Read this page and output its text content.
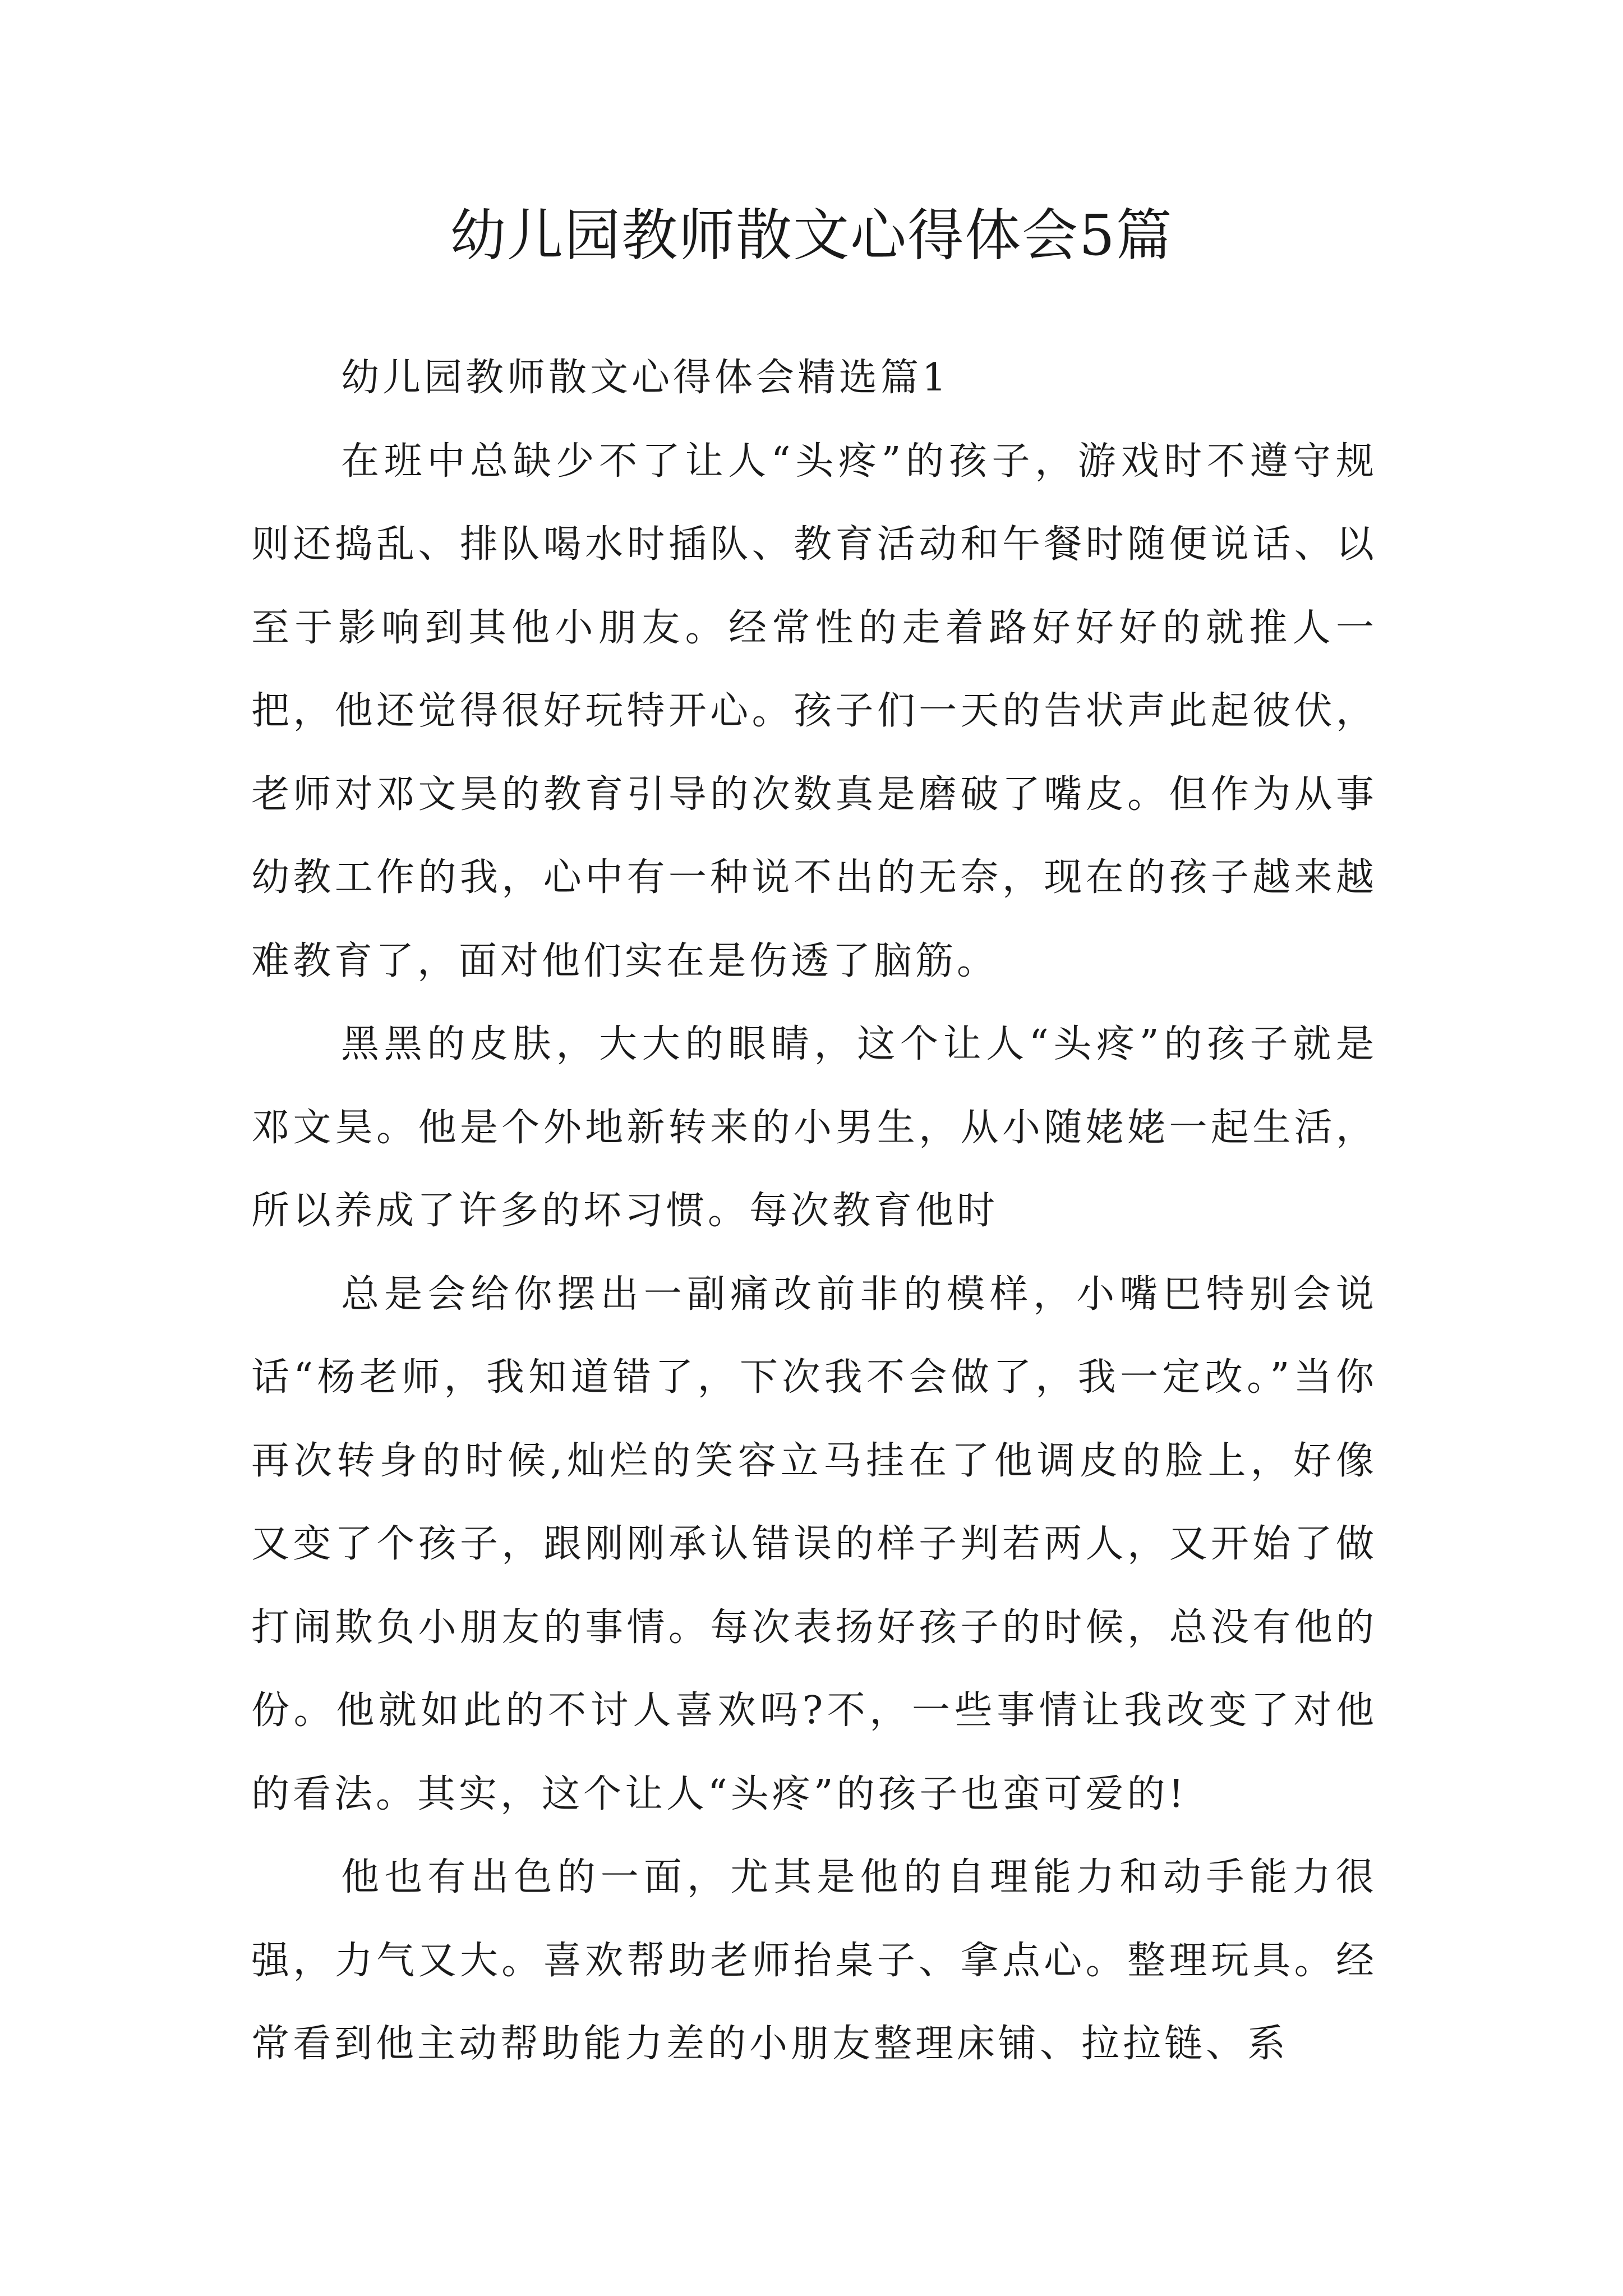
幼儿园教师散文心得体会5篇

幼儿园教师散文心得体会精选篇1

在班中总缺少不了让人“头疼”的孩子，游戏时不遵守规则还捣乱、排队喝水时插队、教育活动和午餐时随便说话、以至于影响到其他小朋友。经常性的走着路好好好的就推人一把，他还觉得很好玩特开心。孩子们一天的告状声此起彼伏，老师对邓文昊的教育引导的次数真是磨破了嘴皮。但作为从事幼教工作的我，心中有一种说不出的无奈，现在的孩子越来越难教育了，面对他们实在是伤透了脑筋。

黑黑的皮肤，大大的眼睛，这个让人“头疼”的孩子就是邓文昊。他是个外地新转来的小男生，从小随姥姥一起生活，所以养成了许多的坏习惯。每次教育他时

总是会给你摆出一副痛改前非的模样，小嘴巴特别会说话“杨老师，我知道错了，下次我不会做了，我一定改。”当你再次转身的时候,灿烂的笑容立马挂在了他调皮的脸上，好像又变了个孩子，跟刚刚承认错误的样子判若两人，又开始了做打闹欺负小朋友的事情。每次表扬好孩子的时候，总没有他的份。他就如此的不讨人喜欢吗?不，一些事情让我改变了对他的看法。其实，这个让人“头疼”的孩子也蛮可爱的!

他也有出色的一面，尤其是他的自理能力和动手能力很强，力气又大。喜欢帮助老师抬桌子、拿点心。整理玩具。经常看到他主动帮助能力差的小朋友整理床铺、拉拉链、系
